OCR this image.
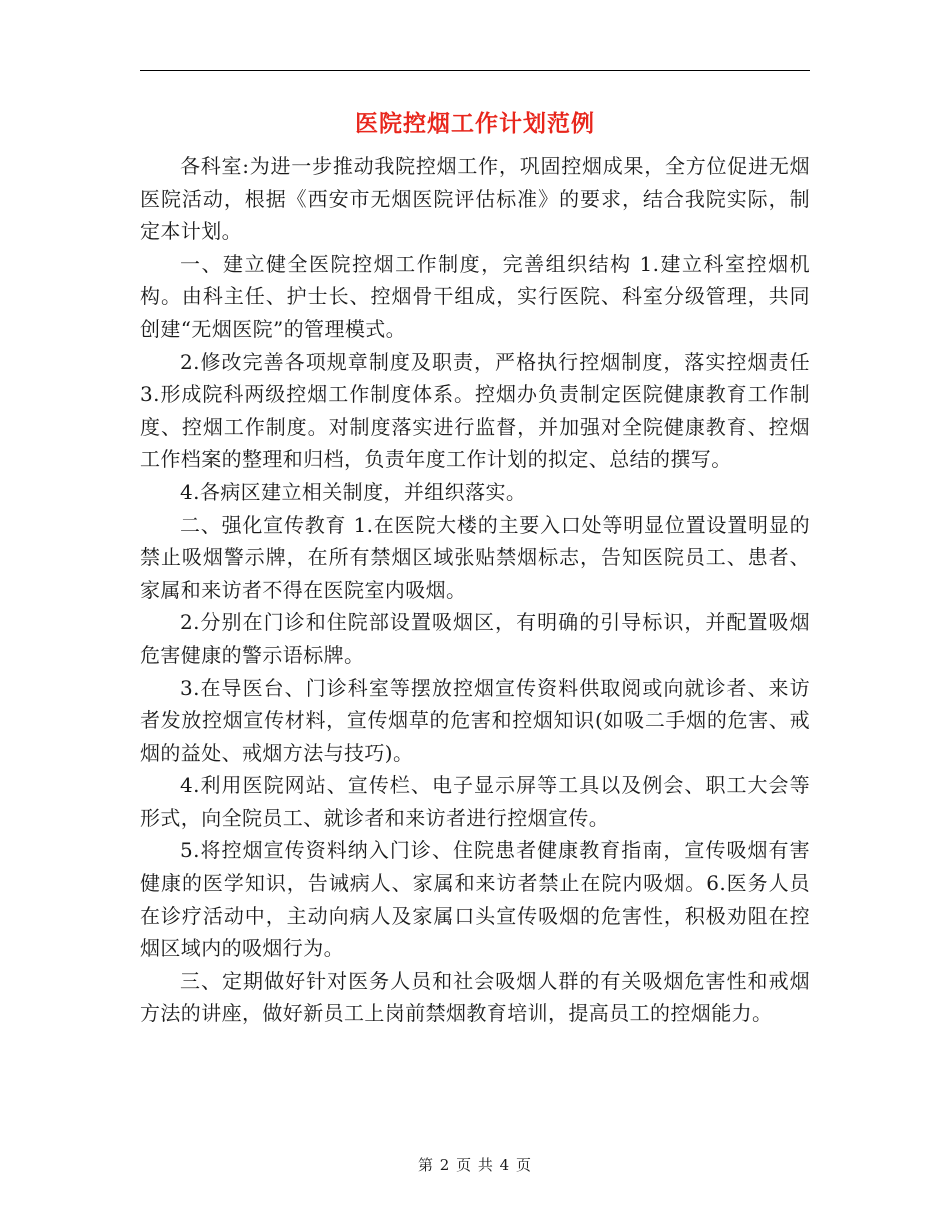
医院控烟工作计划范例

各科室:为进一步推动我院控烟工作，巩固控烟成果，全方位促进无烟医院活动，根据《西安市无烟医院评估标准》的要求，结合我院实际，制定本计划。

一、建立健全医院控烟工作制度，完善组织结构 1.建立科室控烟机构。由科主任、护士长、控烟骨干组成，实行医院、科室分级管理，共同创建“无烟医院”的管理模式。

2.修改完善各项规章制度及职责，严格执行控烟制度，落实控烟责任 3.形成院科两级控烟工作制度体系。控烟办负责制定医院健康教育工作制度、控烟工作制度。对制度落实进行监督，并加强对全院健康教育、控烟工作档案的整理和归档，负责年度工作计划的拟定、总结的撰写。

4.各病区建立相关制度，并组织落实。

二、强化宣传教育 1.在医院大楼的主要入口处等明显位置设置明显的禁止吸烟警示牌，在所有禁烟区域张贴禁烟标志，告知医院员工、患者、家属和来访者不得在医院室内吸烟。

2.分别在门诊和住院部设置吸烟区，有明确的引导标识，并配置吸烟危害健康的警示语标牌。

3.在导医台、门诊科室等摆放控烟宣传资料供取阅或向就诊者、来访者发放控烟宣传材料，宣传烟草的危害和控烟知识(如吸二手烟的危害、戒烟的益处、戒烟方法与技巧)。

4.利用医院网站、宣传栏、电子显示屏等工具以及例会、职工大会等形式，向全院员工、就诊者和来访者进行控烟宣传。

5.将控烟宣传资料纳入门诊、住院患者健康教育指南，宣传吸烟有害健康的医学知识，告诫病人、家属和来访者禁止在院内吸烟。6.医务人员在诊疗活动中，主动向病人及家属口头宣传吸烟的危害性，积极劝阻在控烟区域内的吸烟行为。

三、定期做好针对医务人员和社会吸烟人群的有关吸烟危害性和戒烟方法的讲座，做好新员工上岗前禁烟教育培训，提高员工的控烟能力。

第 2 页 共 4 页
